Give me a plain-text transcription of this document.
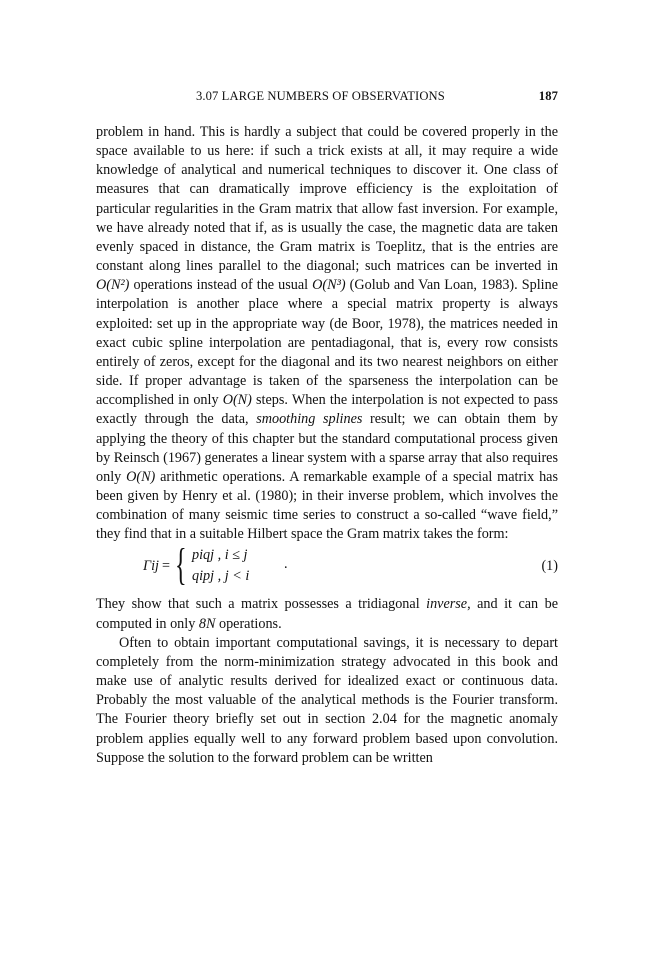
3.07 LARGE NUMBERS OF OBSERVATIONS	187

problem in hand. This is hardly a subject that could be covered properly in the space available to us here: if such a trick exists at all, it may require a wide knowledge of analytical and numerical techniques to discover it. One class of measures that can dramatically improve efficiency is the exploitation of particular regularities in the Gram matrix that allow fast inversion. For example, we have already noted that if, as is usually the case, the magnetic data are taken evenly spaced in distance, the Gram matrix is Toeplitz, that is the entries are constant along lines parallel to the diagonal; such matrices can be inverted in O(N²) operations instead of the usual O(N³) (Golub and Van Loan, 1983). Spline interpolation is another place where a special matrix property is always exploited: set up in the appropriate way (de Boor, 1978), the matrices needed in exact cubic spline interpolation are pentadiagonal, that is, every row consists entirely of zeros, except for the diagonal and its two nearest neighbors on either side. If proper advantage is taken of the sparseness the interpolation can be accomplished in only O(N) steps. When the interpolation is not expected to pass exactly through the data, smoothing splines result; we can obtain them by applying the theory of this chapter but the standard computational process given by Reinsch (1967) generates a linear system with a sparse array that also requires only O(N) arithmetic operations. A remarkable example of a special matrix has been given by Henry et al. (1980); in their inverse problem, which involves the combination of many seismic time series to construct a so-called “wave field,” they find that in a suitable Hilbert space the Gram matrix takes the form:

Γij = { piqj , i ≤ j
qipj , j < i
.	(1)

They show that such a matrix possesses a tridiagonal inverse, and it can be computed in only 8N operations.

Often to obtain important computational savings, it is necessary to depart completely from the norm-minimization strategy advocated in this book and make use of analytic results derived for idealized exact or continuous data. Probably the most valuable of the analytical methods is the Fourier transform. The Fourier theory briefly set out in section 2.04 for the magnetic anomaly problem applies equally well to any forward problem based upon convolution. Suppose the solution to the forward problem can be written
